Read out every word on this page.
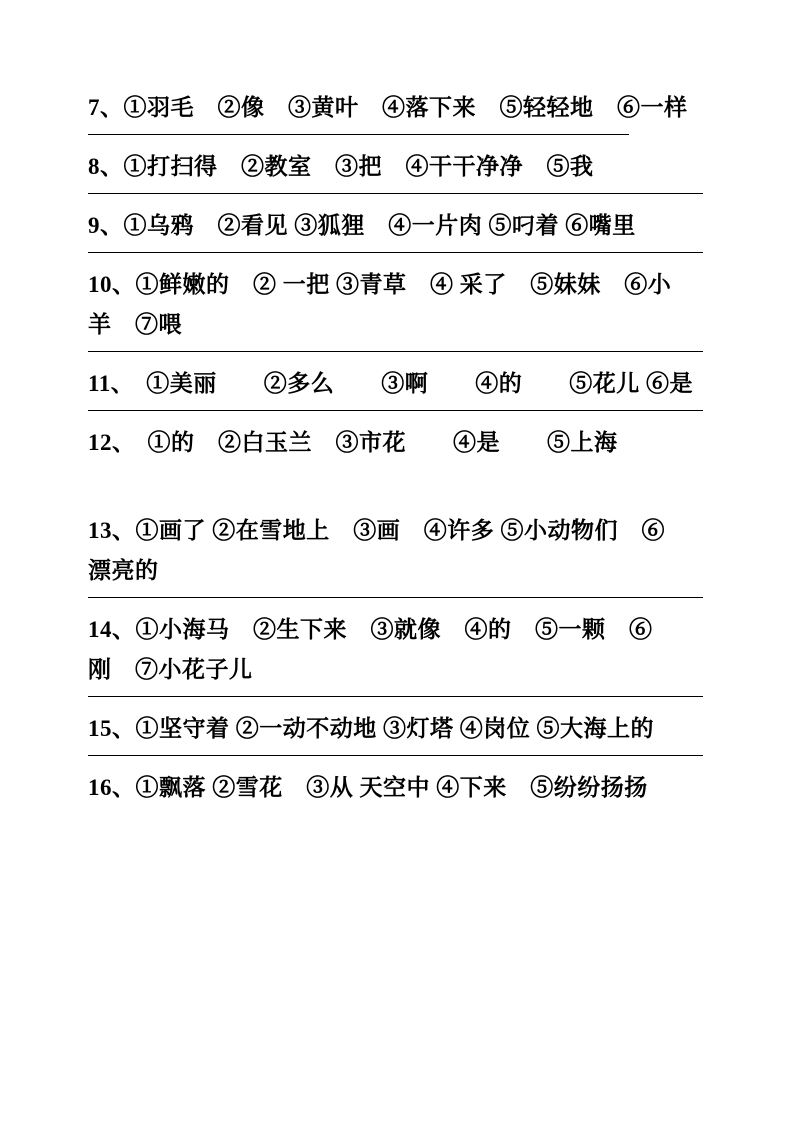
7、①羽毛　②像　③黄叶　④落下来　⑤轻轻地　⑥一样
8、①打扫得　②教室　③把　④干干净净　⑤我
9、①乌鸦　②看见 ③狐狸　④一片肉 ⑤叼着 ⑥嘴里
10、①鲜嫩的　② 一把 ③青草　④ 采了　⑤妹妹　⑥小
羊　⑦喂
11、　①美丽　　②多么　　③啊　　④的　　⑤花儿 ⑥是
12、　①的　②白玉兰　③市花　　④是　　⑤上海
13、①画了 ②在雪地上　③画　④许多 ⑤小动物们　⑥
漂亮的
14、①小海马　②生下来　③就像　④的　⑤一颗　⑥
刚　⑦小花子儿
15、①坚守着 ②一动不动地 ③灯塔 ④岗位 ⑤大海上的
16、①飘落 ②雪花　③从 天空中 ④下来　⑤纷纷扬扬
